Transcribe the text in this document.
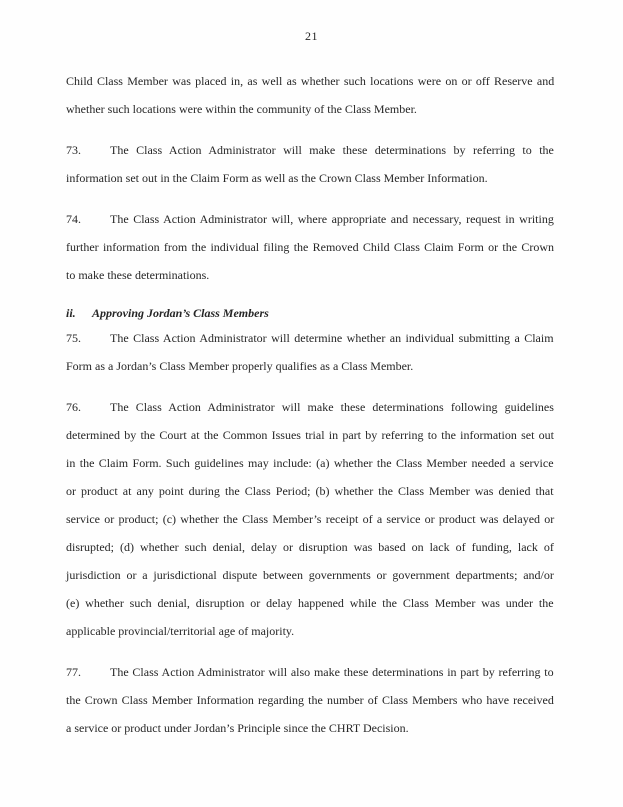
21
Child Class Member was placed in, as well as whether such locations were on or off Reserve and
whether such locations were within the community of the Class Member.
73. The Class Action Administrator will make these determinations by referring to the
information set out in the Claim Form as well as the Crown Class Member Information.
74. The Class Action Administrator will, where appropriate and necessary, request in writing
further information from the individual filing the Removed Child Class Claim Form or the Crown
to make these determinations.
ii. Approving Jordan’s Class Members
75. The Class Action Administrator will determine whether an individual submitting a Claim
Form as a Jordan’s Class Member properly qualifies as a Class Member.
76. The Class Action Administrator will make these determinations following guidelines
determined by the Court at the Common Issues trial in part by referring to the information set out
in the Claim Form. Such guidelines may include: (a) whether the Class Member needed a service
or product at any point during the Class Period; (b) whether the Class Member was denied that
service or product; (c) whether the Class Member’s receipt of a service or product was delayed or
disrupted; (d) whether such denial, delay or disruption was based on lack of funding, lack of
jurisdiction or a jurisdictional dispute between governments or government departments; and/or
(e) whether such denial, disruption or delay happened while the Class Member was under the
applicable provincial/territorial age of majority.
77. The Class Action Administrator will also make these determinations in part by referring to
the Crown Class Member Information regarding the number of Class Members who have received
a service or product under Jordan’s Principle since the CHRT Decision.
